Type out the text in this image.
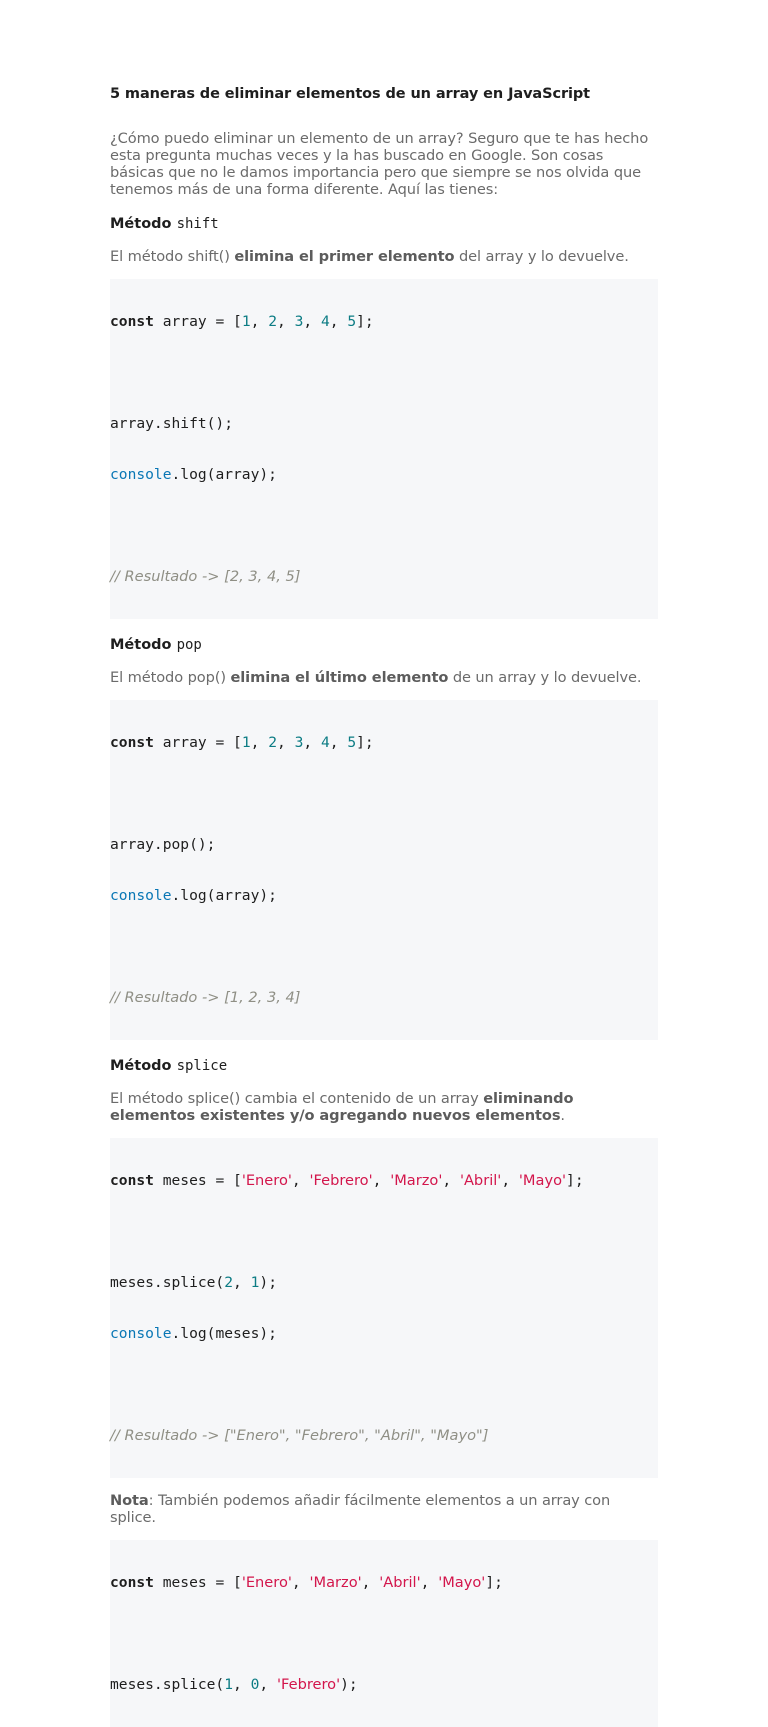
5 maneras de eliminar elementos de un array en JavaScript

¿Cómo puedo eliminar un elemento de un array? Seguro que te has hecho esta pregunta muchas veces y la has buscado en Google. Son cosas básicas que no le damos importancia pero que siempre se nos olvida que tenemos más de una forma diferente. Aquí las tienes:

Método shift

El método shift() elimina el primer elemento del array y lo devuelve.

const array = [1, 2, 3, 4, 5];

array.shift();

console.log(array);

// Resultado -> [2, 3, 4, 5]

Método pop

El método pop() elimina el último elemento de un array y lo devuelve.

const array = [1, 2, 3, 4, 5];

array.pop();

console.log(array);

// Resultado -> [1, 2, 3, 4]

Método splice

El método splice() cambia el contenido de un array eliminando elementos existentes y/o agregando nuevos elementos.

const meses = ['Enero', 'Febrero', 'Marzo', 'Abril', 'Mayo'];

meses.splice(2, 1);

console.log(meses);

// Resultado -> ["Enero", "Febrero", "Abril", "Mayo"]

Nota: También podemos añadir fácilmente elementos a un array con splice.

const meses = ['Enero', 'Marzo', 'Abril', 'Mayo'];

meses.splice(1, 0, 'Febrero');
